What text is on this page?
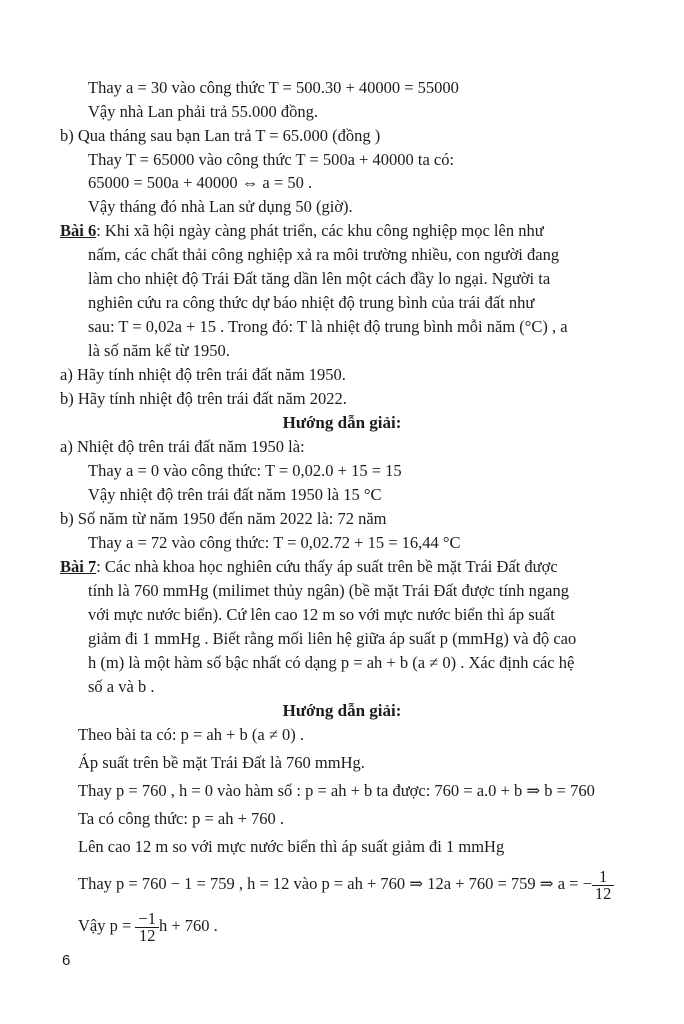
Thay a = 30 vào công thức T = 500.30 + 40000 = 55000
Vậy nhà Lan phải trả 55.000 đồng.
b) Qua tháng sau bạn Lan trả T = 65.000 (đồng )
Thay T = 65000 vào công thức T = 500a + 40000 ta có:
65000 = 500a + 40000 ⇔ a = 50 .
Vậy tháng đó nhà Lan sử dụng 50 (giờ).
Bài 6: Khi xã hội ngày càng phát triển, các khu công nghiệp mọc lên như
nấm, các chất thải công nghiệp xả ra môi trường nhiều, con người đang
làm cho nhiệt độ Trái Đất tăng dần lên một cách đầy lo ngại. Người ta
nghiên cứu ra công thức dự báo nhiệt độ trung bình của trái đất như
sau: T = 0,02a + 15 . Trong đó: T là nhiệt độ trung bình mỗi năm (°C) , a
là số năm kể từ 1950.
a) Hãy tính nhiệt độ trên trái đất năm 1950.
b) Hãy tính nhiệt độ trên trái đất năm 2022.
Hướng dẫn giải:
a) Nhiệt độ trên trái đất năm 1950 là:
Thay a = 0 vào công thức: T = 0,02.0 + 15 = 15
Vậy nhiệt độ trên trái đất năm 1950 là 15 °C
b) Số năm từ năm 1950 đến năm 2022 là: 72 năm
Thay a = 72 vào công thức: T = 0,02.72 + 15 = 16,44 °C
Bài 7: Các nhà khoa học nghiên cứu thấy áp suất trên bề mặt Trái Đất được
tính là 760 mmHg (milimet thủy ngân) (bề mặt Trái Đất được tính ngang
với mực nước biển). Cứ lên cao 12 m so với mực nước biển thì áp suất
giảm đi 1 mmHg . Biết rằng mối liên hệ giữa áp suất p (mmHg) và độ cao
h (m) là một hàm số bậc nhất có dạng p = ah + b (a ≠ 0) . Xác định các hệ
số a và b .
Hướng dẫn giải:
Theo bài ta có: p = ah + b (a ≠ 0) .
Áp suất trên bề mặt Trái Đất là 760 mmHg.
Thay p = 760 , h = 0 vào hàm số : p = ah + b ta được: 760 = a.0 + b ⇒ b = 760
Ta có công thức: p = ah + 760 .
Lên cao 12 m so với mực nước biển thì áp suất giảm đi 1 mmHg
Thay p = 760 − 1 = 759 , h = 12 vào p = ah + 760 ⇒ 12a + 760 = 759 ⇒ a = − $\frac{1}{12}$
Vậy $p = \frac{-1}{12}$ h + 760 .
6
